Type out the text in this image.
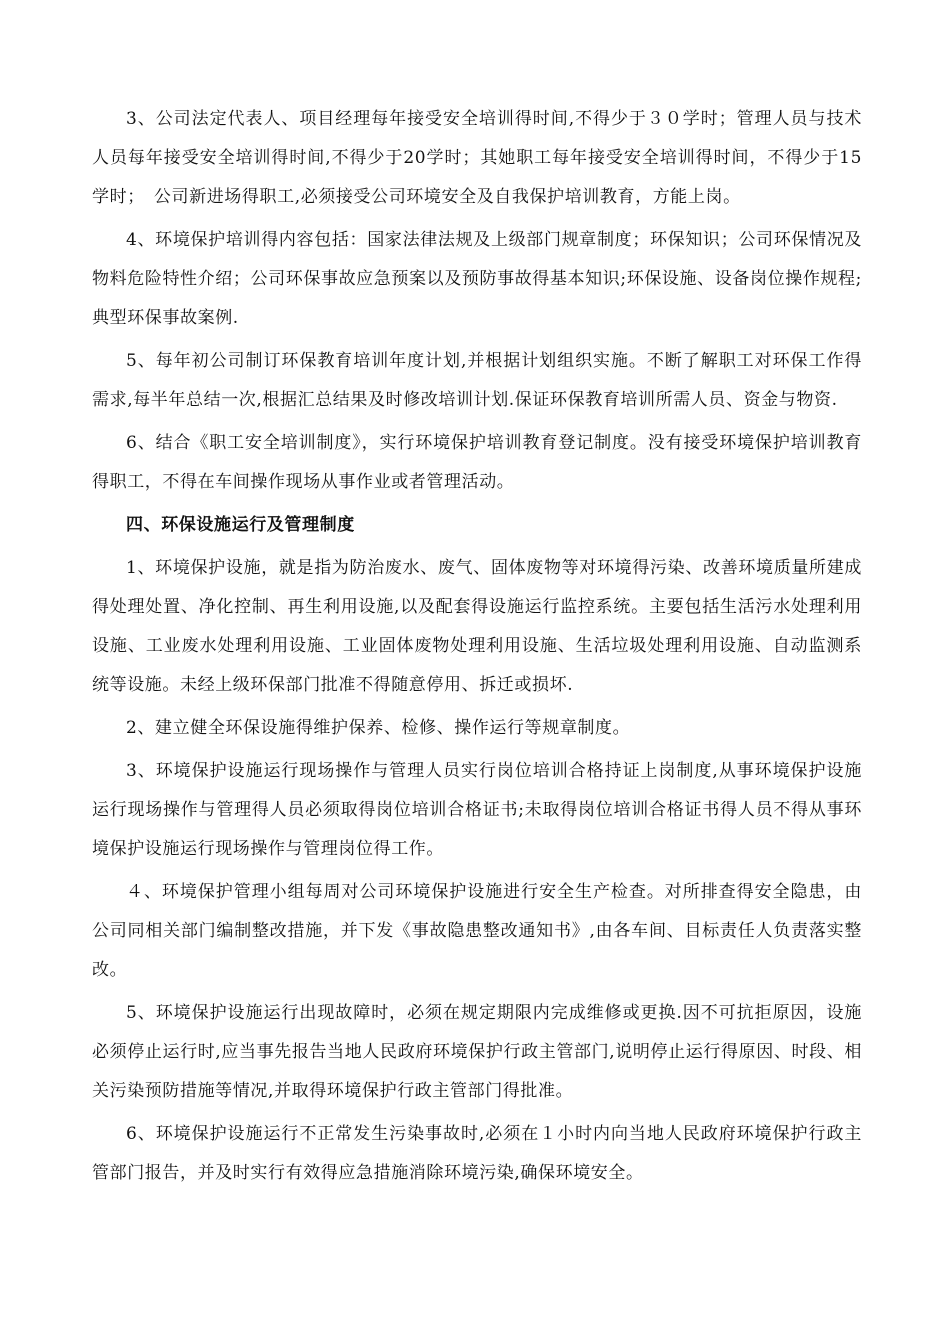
3、公司法定代表人、项目经理每年接受安全培训得时间,不得少于３０学时；管理人员与技术人员每年接受安全培训得时间,不得少于20学时；其她职工每年接受安全培训得时间，不得少于15学时；　公司新进场得职工,必须接受公司环境安全及自我保护培训教育，方能上岗。

4、环境保护培训得内容包括：国家法律法规及上级部门规章制度；环保知识；公司环保情况及物料危险特性介绍；公司环保事故应急预案以及预防事故得基本知识;环保设施、设备岗位操作规程;典型环保事故案例.

5、每年初公司制订环保教育培训年度计划,并根据计划组织实施。不断了解职工对环保工作得需求,每半年总结一次,根据汇总结果及时修改培训计划.保证环保教育培训所需人员、资金与物资.

6、结合《职工安全培训制度》，实行环境保护培训教育登记制度。没有接受环境保护培训教育得职工，不得在车间操作现场从事作业或者管理活动。

四、环保设施运行及管理制度

1、环境保护设施，就是指为防治废水、废气、固体废物等对环境得污染、改善环境质量所建成得处理处置、净化控制、再生利用设施,以及配套得设施运行监控系统。主要包括生活污水处理利用设施、工业废水处理利用设施、工业固体废物处理利用设施、生活垃圾处理利用设施、自动监测系统等设施。未经上级环保部门批准不得随意停用、拆迁或损坏.

2、建立健全环保设施得维护保养、检修、操作运行等规章制度。

3、环境保护设施运行现场操作与管理人员实行岗位培训合格持证上岗制度,从事环境保护设施运行现场操作与管理得人员必须取得岗位培训合格证书;未取得岗位培训合格证书得人员不得从事环境保护设施运行现场操作与管理岗位得工作。

４、环境保护管理小组每周对公司环境保护设施进行安全生产检查。对所排查得安全隐患，由公司同相关部门编制整改措施，并下发《事故隐患整改通知书》,由各车间、目标责任人负责落实整改。

5、环境保护设施运行出现故障时，必须在规定期限内完成维修或更换.因不可抗拒原因，设施必须停止运行时,应当事先报告当地人民政府环境保护行政主管部门,说明停止运行得原因、时段、相关污染预防措施等情况,并取得环境保护行政主管部门得批准。

6、环境保护设施运行不正常发生污染事故时,必须在１小时内向当地人民政府环境保护行政主管部门报告，并及时实行有效得应急措施消除环境污染,确保环境安全。
